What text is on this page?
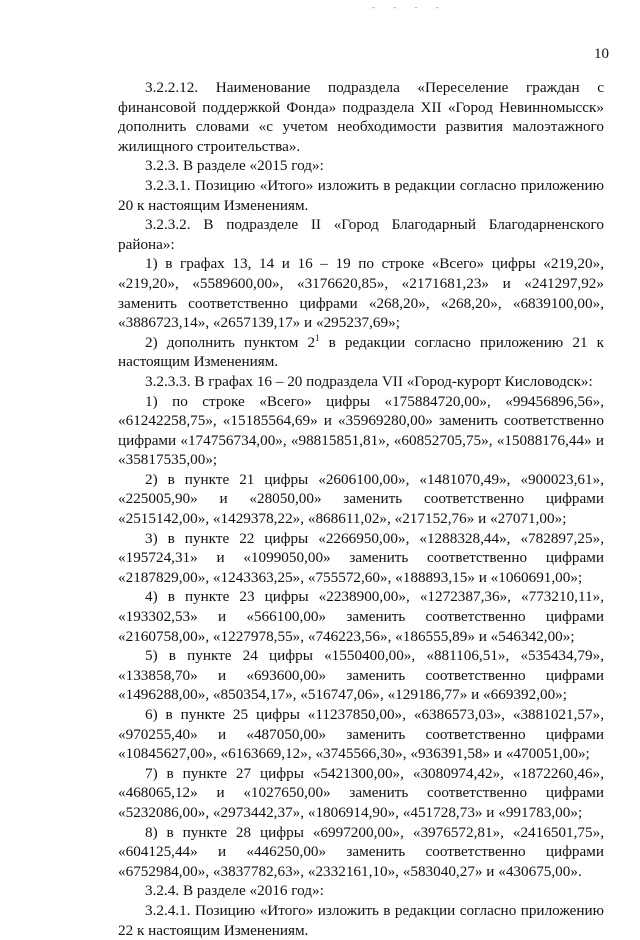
- - - -
10

3.2.2.12. Наименование подраздела «Переселение граждан с финансовой поддержкой Фонда» подраздела XII «Город Невинномысск» дополнить словами «с учетом необходимости развития малоэтажного жилищного строительства».

3.2.3. В разделе «2015 год»:

3.2.3.1. Позицию «Итого» изложить в редакции согласно приложению 20 к настоящим Изменениям.

3.2.3.2. В подразделе II «Город Благодарный Благодарненского района»:

1) в графах 13, 14 и 16 – 19 по строке «Всего» цифры «219,20», «219,20», «5589600,00», «3176620,85», «2171681,23» и «241297,92» заменить соответственно цифрами «268,20», «268,20», «6839100,00», «3886723,14», «2657139,17» и «295237,69»;

2) дополнить пунктом $2^1$ в редакции согласно приложению 21 к настоящим Изменениям.

3.2.3.3. В графах 16 – 20 подраздела VII «Город-курорт Кисловодск»:

1) по строке «Всего» цифры «175884720,00», «99456896,56», «61242258,75», «15185564,69» и «35969280,00» заменить соответственно цифрами «174756734,00», «98815851,81», «60852705,75», «15088176,44» и «35817535,00»;

2) в пункте 21 цифры «2606100,00», «1481070,49», «900023,61», «225005,90» и «28050,00» заменить соответственно цифрами «2515142,00», «1429378,22», «868611,02», «217152,76» и «27071,00»;

3) в пункте 22 цифры «2266950,00», «1288328,44», «782897,25», «195724,31» и «1099050,00» заменить соответственно цифрами «2187829,00», «1243363,25», «755572,60», «188893,15» и «1060691,00»;

4) в пункте 23 цифры «2238900,00», «1272387,36», «773210,11», «193302,53» и «566100,00» заменить соответственно цифрами «2160758,00», «1227978,55», «746223,56», «186555,89» и «546342,00»;

5) в пункте 24 цифры «1550400,00», «881106,51», «535434,79», «133858,70» и «693600,00» заменить соответственно цифрами «1496288,00», «850354,17», «516747,06», «129186,77» и «669392,00»;

6) в пункте 25 цифры «11237850,00», «6386573,03», «3881021,57», «970255,40» и «487050,00» заменить соответственно цифрами «10845627,00», «6163669,12», «3745566,30», «936391,58» и «470051,00»;

7) в пункте 27 цифры «5421300,00», «3080974,42», «1872260,46», «468065,12» и «1027650,00» заменить соответственно цифрами «5232086,00», «2973442,37», «1806914,90», «451728,73» и «991783,00»;

8) в пункте 28 цифры «6997200,00», «3976572,81», «2416501,75», «604125,44» и «446250,00» заменить соответственно цифрами «6752984,00», «3837782,63», «2332161,10», «583040,27» и «430675,00».

3.2.4. В разделе «2016 год»:

3.2.4.1. Позицию «Итого» изложить в редакции согласно приложению 22 к настоящим Изменениям.
